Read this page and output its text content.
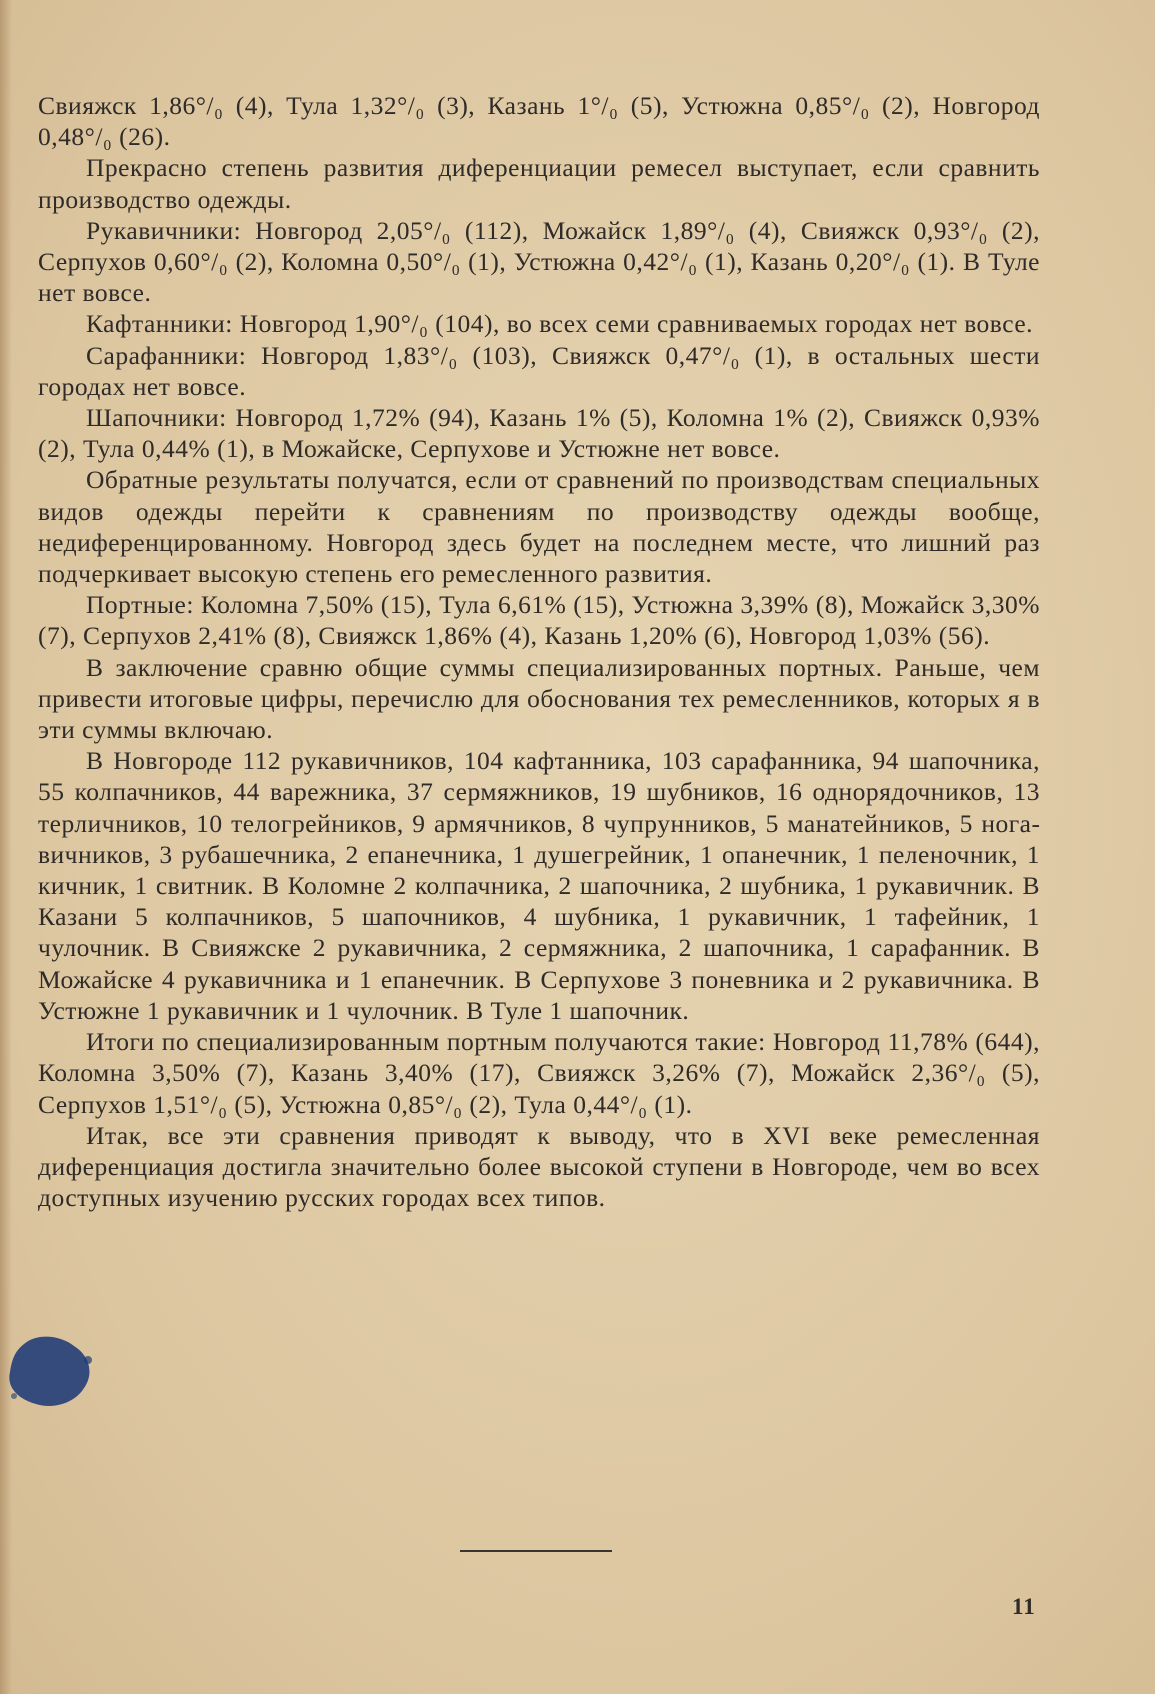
Свияжск 1,86°/₀ (4), Тула 1,32°/₀ (3), Казань 1°/₀ (5), Устюжна 0,85°/₀ (2), Новгород 0,48°/₀ (26).

Прекрасно степень развития диференциации ремесел выступает, если сравнить производство одежды.

Рукавичники: Новгород 2,05°/₀ (112), Можайск 1,89°/₀ (4), Свияжск 0,93°/₀ (2), Серпухов 0,60°/₀ (2), Коломна 0,50°/₀ (1), Устюжна 0,42°/₀ (1), Казань 0,20°/₀ (1). В Туле нет вовсе.

Кафтанники: Новгород 1,90°/₀ (104), во всех семи сравниваемых городах нет вовсе.

Сарафанники: Новгород 1,83°/₀ (103), Свияжск 0,47°/₀ (1), в остальных шести городах нет вовсе.

Шапочники: Новгород 1,72% (94), Казань 1% (5), Коломна 1% (2), Свияжск 0,93% (2), Тула 0,44% (1), в Можайске, Серпухове и Устюжне нет вовсе.

Обратные результаты получатся, если от сравнений по производствам специальных видов одежды перейти к сравнениям по производству одежды вообще, недиференцированному. Новгород здесь будет на последнем месте, что лишний раз подчеркивает высокую степень его ремесленного развития.

Портные: Коломна 7,50% (15), Тула 6,61% (15), Устюжна 3,39% (8), Можайск 3,30% (7), Серпухов 2,41% (8), Свияжск 1,86% (4), Казань 1,20% (6), Новгород 1,03% (56).

В заключение сравню общие суммы специализированных портных. Раньше, чем привести итоговые цифры, перечислю для обоснования тех ремесленников, которых я в эти суммы включаю.

В Новгороде 112 рукавичников, 104 кафтанника, 103 сарафанника, 94 шапочника, 55 колпачников, 44 варежника, 37 сермяжников, 19 шубников, 16 однорядочников, 13 терличников, 10 телогрейников, 9 армячников, 8 чупрунников, 5 манатейников, 5 ногавичников, 3 рубашечника, 2 епанечника, 1 душегрейник, 1 опанечник, 1 пеленочник, 1 кичник, 1 свитник. В Коломне 2 колпачника, 2 шапочника, 2 шубника, 1 рукавичник. В Казани 5 колпачников, 5 шапочников, 4 шубника, 1 рукавичник, 1 тафейник, 1 чулочник. В Свияжске 2 рукавичника, 2 сермяжника, 2 шапочника, 1 сарафанник. В Можайске 4 рукавичника и 1 епанечник. В Серпухове 3 поневника и 2 рукавичника. В Устюжне 1 рукавичник и 1 чулочник. В Туле 1 шапочник.

Итоги по специализированным портным получаются такие: Новгород 11,78% (644), Коломна 3,50% (7), Казань 3,40% (17), Свияжск 3,26% (7), Можайск 2,36°/₀ (5), Серпухов 1,51°/₀ (5), Устюжна 0,85°/₀ (2), Тула 0,44°/₀ (1).

Итак, все эти сравнения приводят к выводу, что в XVI веке ремесленная диференциация достигла значительно более высокой ступени в Новгороде, чем во всех доступных изучению русских городах всех типов.

11
